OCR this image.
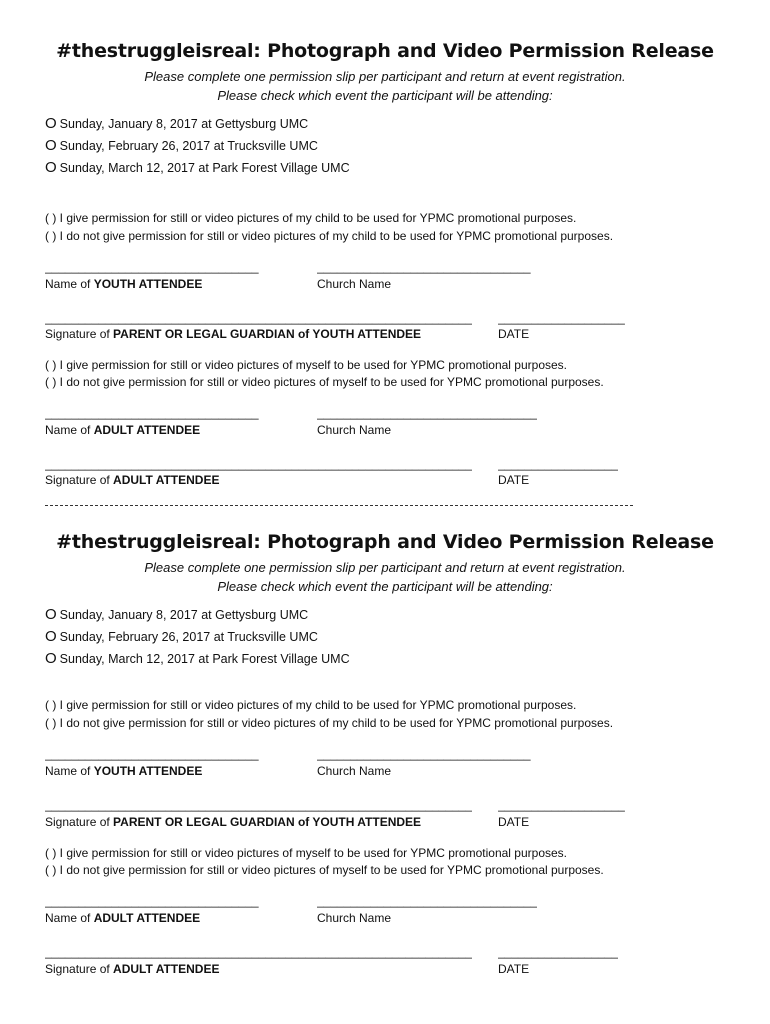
#thestruggleisreal: Photograph and Video Permission Release
Please complete one permission slip per participant and return at event registration.
Please check which event the participant will be attending:
O Sunday, January 8, 2017 at Gettysburg UMC
O Sunday, February 26, 2017 at Trucksville UMC
O Sunday, March 12, 2017 at Park Forest Village UMC
( ) I give permission for still or video pictures of my child to be used for YPMC promotional purposes.
( ) I do not give permission for still or video pictures of my child to be used for YPMC promotional purposes.
________________________________	________________________________
Name of YOUTH ATTENDEE	Church Name
________________________________________________________________ ___________________
Signature of PARENT OR LEGAL GUARDIAN of YOUTH ATTENDEE	DATE
( ) I give permission for still or video pictures of myself to be used for YPMC promotional purposes.
( ) I do not give permission for still or video pictures of myself to be used for YPMC promotional purposes.
________________________________	_________________________________
Name of ADULT ATTENDEE	Church Name
________________________________________________________________ __________________
Signature of ADULT ATTENDEE	DATE
#thestruggleisreal: Photograph and Video Permission Release
Please complete one permission slip per participant and return at event registration.
Please check which event the participant will be attending:
O Sunday, January 8, 2017 at Gettysburg UMC
O Sunday, February 26, 2017 at Trucksville UMC
O Sunday, March 12, 2017 at Park Forest Village UMC
( ) I give permission for still or video pictures of my child to be used for YPMC promotional purposes.
( ) I do not give permission for still or video pictures of my child to be used for YPMC promotional purposes.
________________________________	________________________________
Name of YOUTH ATTENDEE	Church Name
________________________________________________________________ ___________________
Signature of PARENT OR LEGAL GUARDIAN of YOUTH ATTENDEE	DATE
( ) I give permission for still or video pictures of myself to be used for YPMC promotional purposes.
( ) I do not give permission for still or video pictures of myself to be used for YPMC promotional purposes.
________________________________	_________________________________
Name of ADULT ATTENDEE	Church Name
________________________________________________________________ __________________
Signature of ADULT ATTENDEE	DATE
